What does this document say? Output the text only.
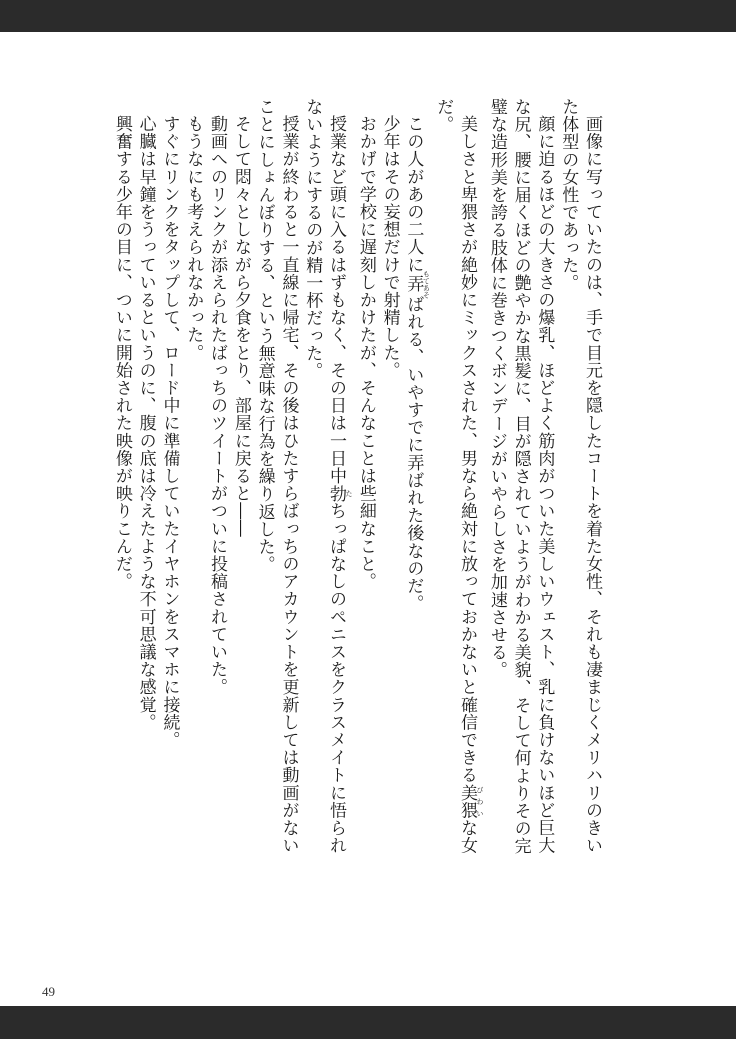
画像に写っていたのは、手で目元を隠したコートを着た女性、それも凄まじくメリハリのきいた体型の女性であった。

顔に迫るほどの大きさの爆乳、ほどよく筋肉がついた美しいウェスト、乳に負けないほど巨大な尻、腰に届くほどの艶やかな黒髪に、目が隠されていようがわかる美貌、そして何よりその完璧な造形美を誇る肢体に巻きつくボンデージがいやらしさを加速させる。

美しさと卑猥さが絶妙にミックスされた、男なら絶対に放っておかないと確信できる美猥 びわいな女だ。

この人があの二人に弄 もてあそばれる、いやすでに弄ばれた後なのだ。

少年はその妄想だけで射精した。

おかげで学校に遅刻しかけたが、そんなことは些細なこと。

授業など頭に入るはずもなく、その日は一日中勃 たちっぱなしのペニスをクラスメイトに悟られないようにするのが精一杯だった。

授業が終わると一直線に帰宅、その後はひたすらばっちのアカウントを更新しては動画がないことにしょんぼりする、という無意味な行為を繰り返した。

そして悶々としながら夕食をとり、部屋に戻ると――

動画へのリンクが添えられたばっちのツイートがついに投稿されていた。

もうなにも考えられなかった。

すぐにリンクをタップして、ロード中に準備していたイヤホンをスマホに接続。

心臓は早鐘をうっているというのに、腹の底は冷えたような不可思議な感覚。

興奮する少年の目に、ついに開始された映像が映りこんだ。

49
